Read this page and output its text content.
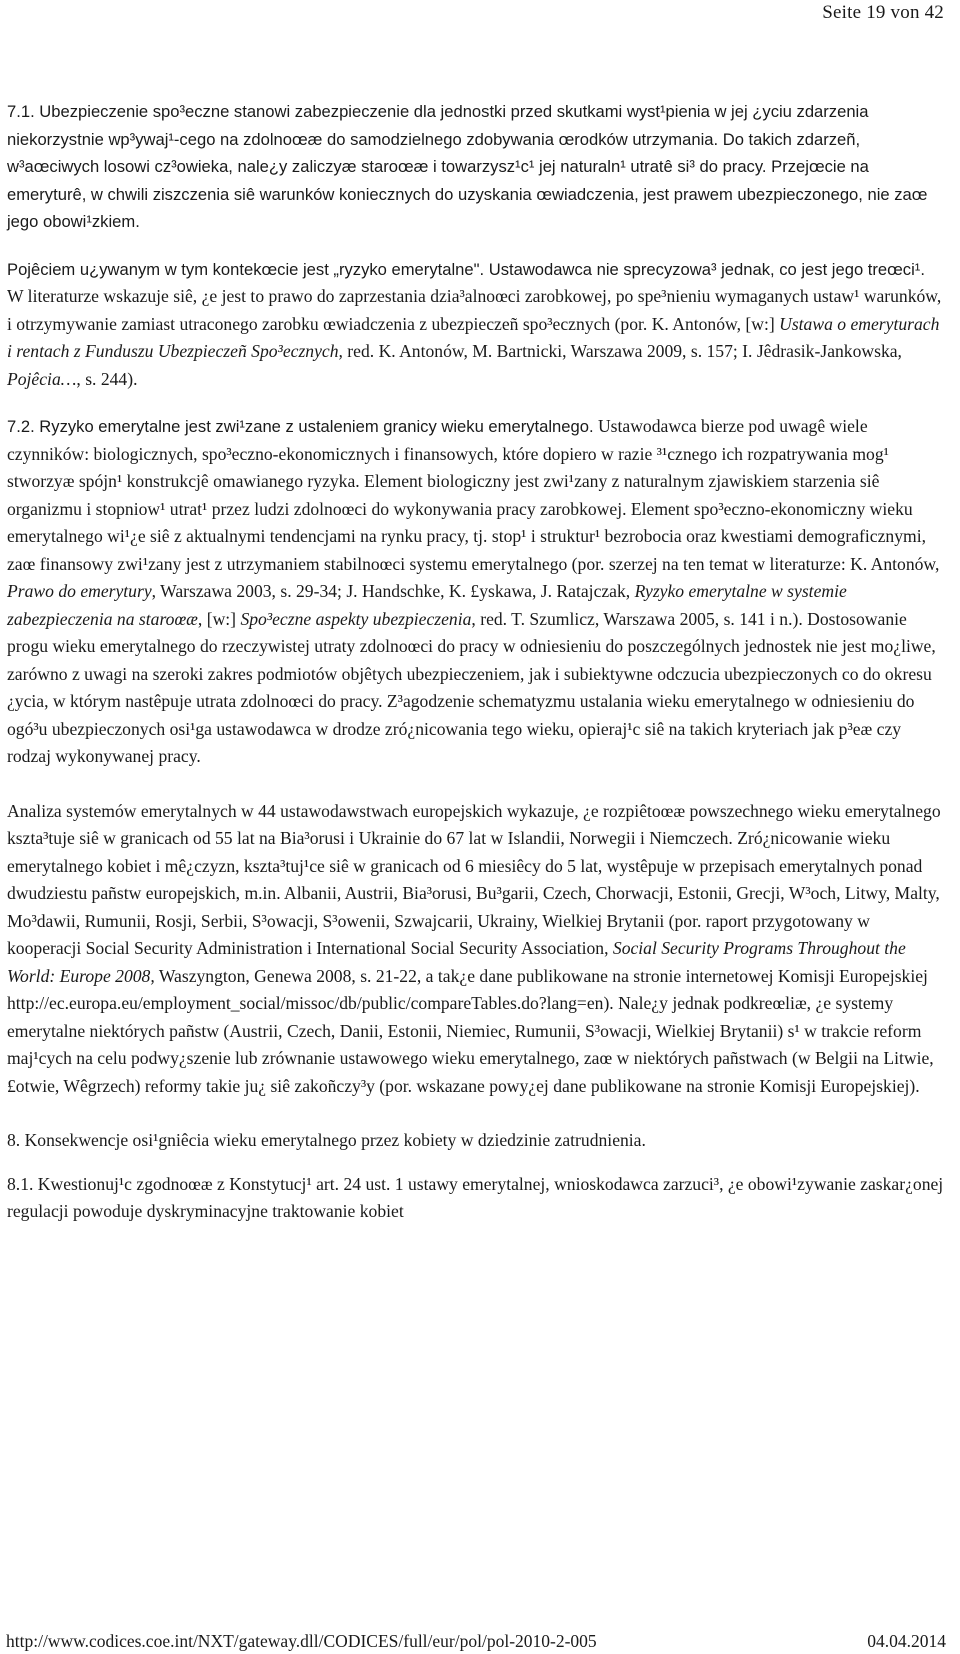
Seite 19 von 42

7.1. Ubezpieczenie spo³eczne stanowi zabezpieczenie dla jednostki przed skutkami wyst¹pienia w jej ¿yciu zdarzenia niekorzystnie wp³ywaj¹-cego na zdolnoœæ do samodzielnego zdobywania œrodków utrzymania. Do takich zdarzeñ, w³aœciwych losowi cz³owieka, nale¿y zaliczyæ staroœæ i towarzysz¹c¹ jej naturaln¹ utratê si³ do pracy. Przejœcie na emeryturê, w chwili ziszczenia siê warunków koniecznych do uzyskania œwiadczenia, jest prawem ubezpieczonego, nie zaœ jego obowi¹zkiem.

Pojêciem u¿ywanym w tym kontekœcie jest „ryzyko emerytalne". Ustawodawca nie sprecyzowa³ jednak, co jest jego treœci¹. W literaturze wskazuje siê, ¿e jest to prawo do zaprzestania dzia³alnoœci zarobkowej, po spe³nieniu wymaganych ustaw¹ warunków, i otrzymywanie zamiast utraconego zarobku œwiadczenia z ubezpieczeñ spo³ecznych (por. K. Antonów, [w:] Ustawa o emeryturach i rentach z Funduszu Ubezpieczeñ Spo³ecznych, red. K. Antonów, M. Bartnicki, Warszawa 2009, s. 157; I. Jêdrasik-Jankowska, Pojêcia…, s. 244).

7.2. Ryzyko emerytalne jest zwi¹zane z ustaleniem granicy wieku emerytalnego. Ustawodawca bierze pod uwagê wiele czynników: biologicznych, spo³eczno-ekonomicznych i finansowych, które dopiero w razie ³¹cznego ich rozpatrywania mog¹ stworzyæ spójn¹ konstrukcjê omawianego ryzyka. Element biologiczny jest zwi¹zany z naturalnym zjawiskiem starzenia siê organizmu i stopniow¹ utrat¹ przez ludzi zdolnoœci do wykonywania pracy zarobkowej. Element spo³eczno-ekonomiczny wieku emerytalnego wi¹¿e siê z aktualnymi tendencjami na rynku pracy, tj. stop¹ i struktur¹ bezrobocia oraz kwestiami demograficznymi, zaœ finansowy zwi¹zany jest z utrzymaniem stabilnoœci systemu emerytalnego (por. szerzej na ten temat w literaturze: K. Antonów, Prawo do emerytury, Warszawa 2003, s. 29-34; J. Handschke, K. £yskawa, J. Ratajczak, Ryzyko emerytalne w systemie zabezpieczenia na staroœæ, [w:] Spo³eczne aspekty ubezpieczenia, red. T. Szumlicz, Warszawa 2005, s. 141 i n.). Dostosowanie progu wieku emerytalnego do rzeczywistej utraty zdolnoœci do pracy w odniesieniu do poszczególnych jednostek nie jest mo¿liwe, zarówno z uwagi na szeroki zakres podmiotów objêtych ubezpieczeniem, jak i subiektywne odczucia ubezpieczonych co do okresu ¿ycia, w którym nastêpuje utrata zdolnoœci do pracy. Z³agodzenie schematyzmu ustalania wieku emerytalnego w odniesieniu do ogó³u ubezpieczonych osi¹ga ustawodawca w drodze zró¿nicowania tego wieku, opieraj¹c siê na takich kryteriach jak p³eæ czy rodzaj wykonywanej pracy.

Analiza systemów emerytalnych w 44 ustawodawstwach europejskich wykazuje, ¿e rozpiêtoœæ powszechnego wieku emerytalnego kszta³tuje siê w granicach od 55 lat na Bia³orusi i Ukrainie do 67 lat w Islandii, Norwegii i Niemczech. Zró¿nicowanie wieku emerytalnego kobiet i mê¿czyzn, kszta³tuj¹ce siê w granicach od 6 miesiêcy do 5 lat, wystêpuje w przepisach emerytalnych ponad dwudziestu pañstw europejskich, m.in. Albanii, Austrii, Bia³orusi, Bu³garii, Czech, Chorwacji, Estonii, Grecji, W³och, Litwy, Malty, Mo³dawii, Rumunii, Rosji, Serbii, S³owacji, S³owenii, Szwajcarii, Ukrainy, Wielkiej Brytanii (por. raport przygotowany w kooperacji Social Security Administration i International Social Security Association, Social Security Programs Throughout the World: Europe 2008, Waszyngton, Genewa 2008, s. 21-22, a tak¿e dane publikowane na stronie internetowej Komisji Europejskiej http://ec.europa.eu/employment_social/missoc/db/public/compareTables.do?lang=en). Nale¿y jednak podkreœliæ, ¿e systemy emerytalne niektórych pañstw (Austrii, Czech, Danii, Estonii, Niemiec, Rumunii, S³owacji, Wielkiej Brytanii) s¹ w trakcie reform maj¹cych na celu podwy¿szenie lub zrównanie ustawowego wieku emerytalnego, zaœ w niektórych pañstwach (w Belgii na Litwie, £otwie, Wêgrzech) reformy takie ju¿ siê zakoñczy³y (por. wskazane powy¿ej dane publikowane na stronie Komisji Europejskiej).

8. Konsekwencje osi¹gniêcia wieku emerytalnego przez kobiety w dziedzinie zatrudnienia.

8.1. Kwestionuj¹c zgodnoœæ z Konstytucj¹ art. 24 ust. 1 ustawy emerytalnej, wnioskodawca zarzuci³, ¿e obowi¹zywanie zaskar¿onej regulacji powoduje dyskryminacyjne traktowanie kobiet

http://www.codices.coe.int/NXT/gateway.dll/CODICES/full/eur/pol/pol-2010-2-005	04.04.2014
